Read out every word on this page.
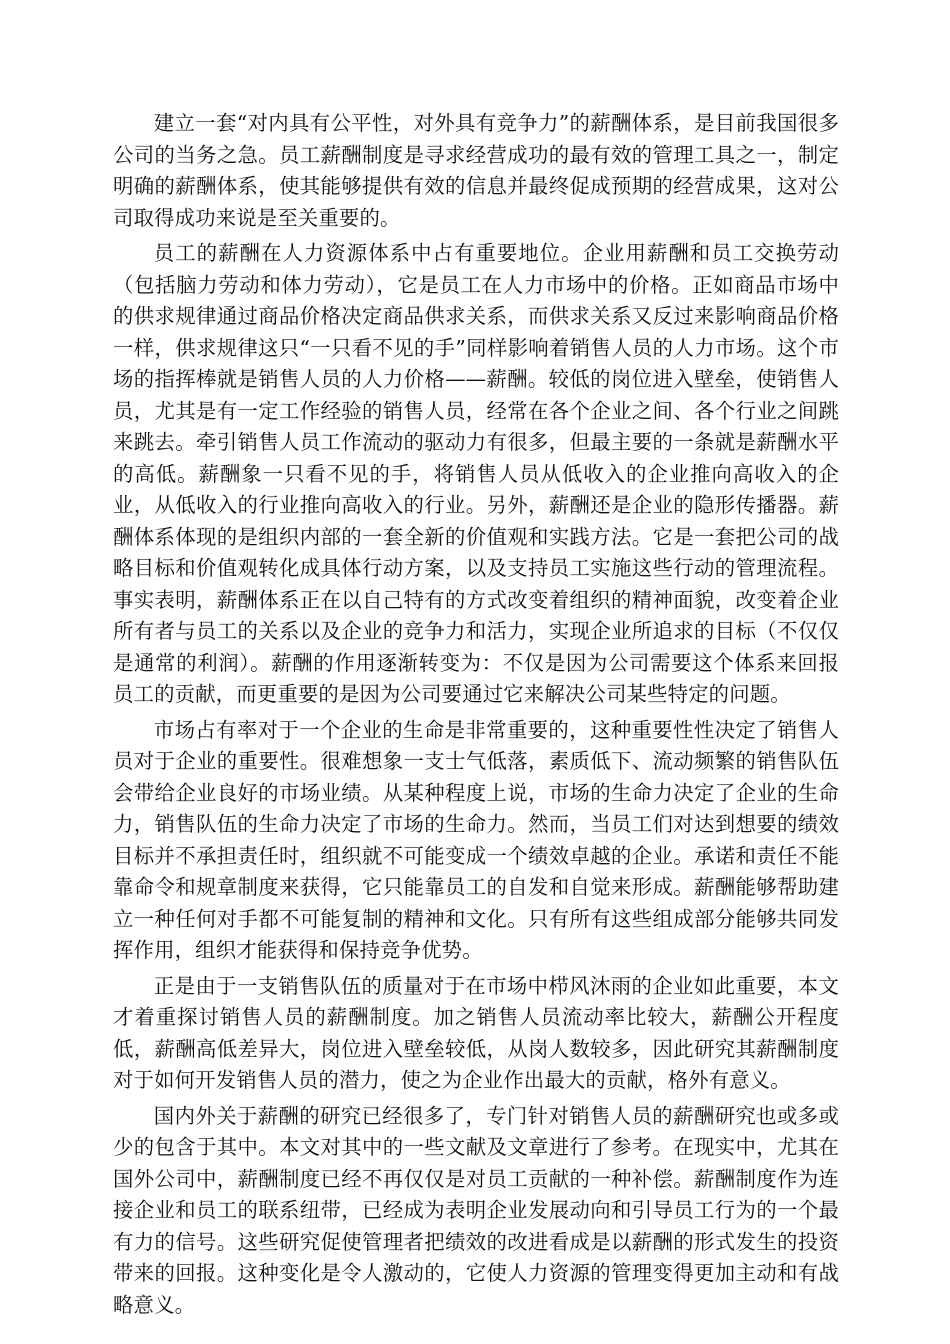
建立一套“对内具有公平性，对外具有竞争力”的薪酬体系，是目前我国很多公司的当务之急。员工薪酬制度是寻求经营成功的最有效的管理工具之一，制定明确的薪酬体系，使其能够提供有效的信息并最终促成预期的经营成果，这对公司取得成功来说是至关重要的。

员工的薪酬在人力资源体系中占有重要地位。企业用薪酬和员工交换劳动（包括脑力劳动和体力劳动），它是员工在人力市场中的价格。正如商品市场中的供求规律通过商品价格决定商品供求关系，而供求关系又反过来影响商品价格一样，供求规律这只“一只看不见的手”同样影响着销售人员的人力市场。这个市场的指挥棒就是销售人员的人力价格——薪酬。较低的岗位进入壁垒，使销售人员，尤其是有一定工作经验的销售人员，经常在各个企业之间、各个行业之间跳来跳去。牵引销售人员工作流动的驱动力有很多，但最主要的一条就是薪酬水平的高低。薪酬象一只看不见的手，将销售人员从低收入的企业推向高收入的企业，从低收入的行业推向高收入的行业。另外，薪酬还是企业的隐形传播器。薪酬体系体现的是组织内部的一套全新的价值观和实践方法。它是一套把公司的战略目标和价值观转化成具体行动方案，以及支持员工实施这些行动的管理流程。事实表明，薪酬体系正在以自己特有的方式改变着组织的精神面貌，改变着企业所有者与员工的关系以及企业的竞争力和活力，实现企业所追求的目标（不仅仅是通常的利润）。薪酬的作用逐渐转变为：不仅是因为公司需要这个体系来回报员工的贡献，而更重要的是因为公司要通过它来解决公司某些特定的问题。

市场占有率对于一个企业的生命是非常重要的，这种重要性性决定了销售人员对于企业的重要性。很难想象一支士气低落，素质低下、流动频繁的销售队伍会带给企业良好的市场业绩。从某种程度上说，市场的生命力决定了企业的生命力，销售队伍的生命力决定了市场的生命力。然而，当员工们对达到想要的绩效目标并不承担责任时，组织就不可能变成一个绩效卓越的企业。承诺和责任不能靠命令和规章制度来获得，它只能靠员工的自发和自觉来形成。薪酬能够帮助建立一种任何对手都不可能复制的精神和文化。只有所有这些组成部分能够共同发挥作用，组织才能获得和保持竞争优势。

正是由于一支销售队伍的质量对于在市场中栉风沐雨的企业如此重要，本文才着重探讨销售人员的薪酬制度。加之销售人员流动率比较大，薪酬公开程度低，薪酬高低差异大，岗位进入壁垒较低，从岗人数较多，因此研究其薪酬制度对于如何开发销售人员的潜力，使之为企业作出最大的贡献，格外有意义。

国内外关于薪酬的研究已经很多了，专门针对销售人员的薪酬研究也或多或少的包含于其中。本文对其中的一些文献及文章进行了参考。在现实中，尤其在国外公司中，薪酬制度已经不再仅仅是对员工贡献的一种补偿。薪酬制度作为连接企业和员工的联系纽带，已经成为表明企业发展动向和引导员工行为的一个最有力的信号。这些研究促使管理者把绩效的改进看成是以薪酬的形式发生的投资带来的回报。这种变化是令人激动的，它使人力资源的管理变得更加主动和有战略意义。
